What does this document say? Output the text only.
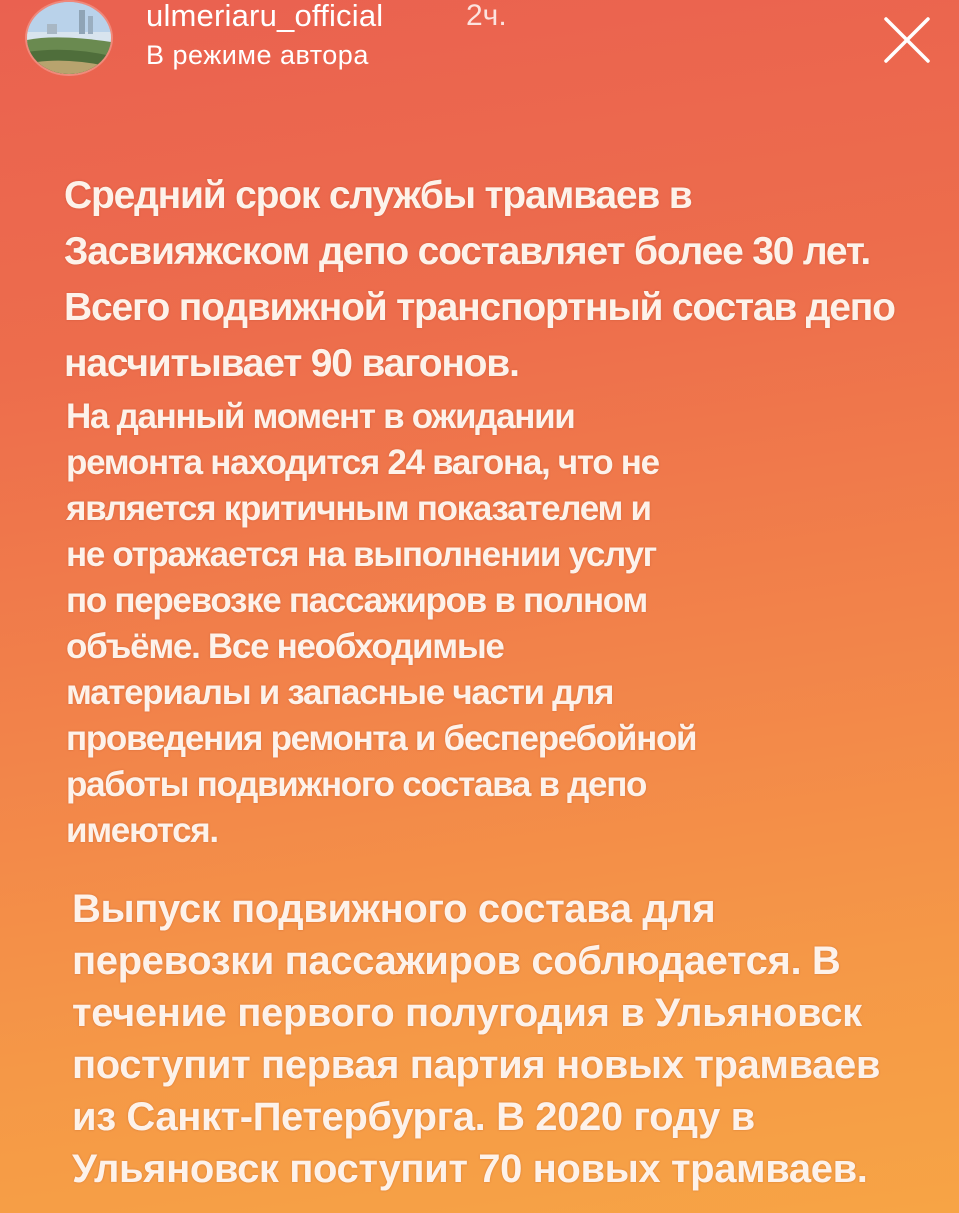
ulmeriaru_official	2ч.
В режиме автора

Средний срок службы трамваев в
Засвияжском депо составляет более 30 лет.
Всего подвижной транспортный состав депо
насчитывает 90 вагонов.

На данный момент в ожидании
ремонта находится 24 вагона, что не
является критичным показателем и
не отражается на выполнении услуг
по перевозке пассажиров в полном
объёме. Все необходимые
материалы и запасные части для
проведения ремонта и бесперебойной
работы подвижного состава в депо
имеются.

Выпуск подвижного состава для
перевозки пассажиров соблюдается. В
течение первого полугодия в Ульяновск
поступит первая партия новых трамваев
из Санкт-Петербурга. В 2020 году в
Ульяновск поступит 70 новых трамваев.
